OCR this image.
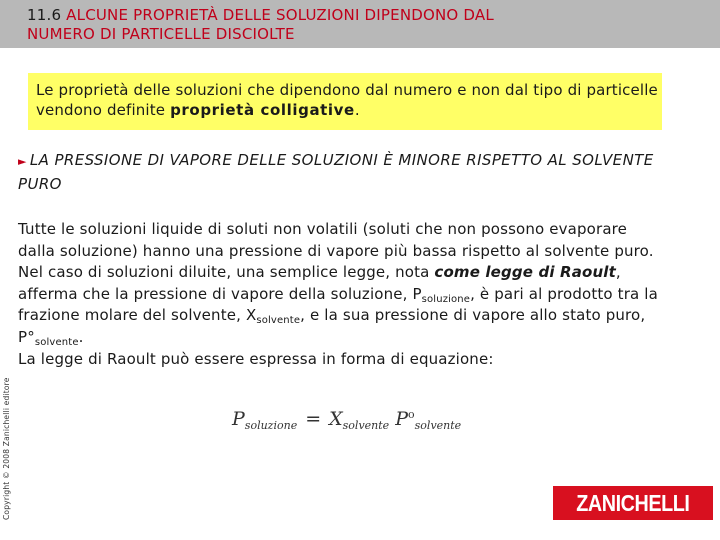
11.6 ALCUNE PROPRIETÀ DELLE SOLUZIONI DIPENDONO DAL
NUMERO DI PARTICELLE DISCIOLTE
Le proprietà delle soluzioni che dipendono dal numero e non dal tipo di particelle vendono definite proprietà colligative.
► LA PRESSIONE DI VAPORE DELLE SOLUZIONI È MINORE RISPETTO AL SOLVENTE PURO
Tutte le soluzioni liquide di soluti non volatili (soluti che non possono evaporare dalla soluzione) hanno una pressione di vapore più bassa rispetto al solvente puro.
Nel caso di soluzioni diluite, una semplice legge, nota come legge di Raoult, afferma che la pressione di vapore della soluzione, $P_{soluzione}$, è pari al prodotto tra la frazione molare del solvente, $X_{solvente}$, e la sua pressione di vapore allo stato puro, $P^\circ_{solvente}$.
La legge di Raoult può essere espressa in forma di equazione:
$P_{soluzione} = X_{solvente}$ $P^o_{solvente}$
Copyright © 2008 Zanichelli editore	ZANICHELLI
